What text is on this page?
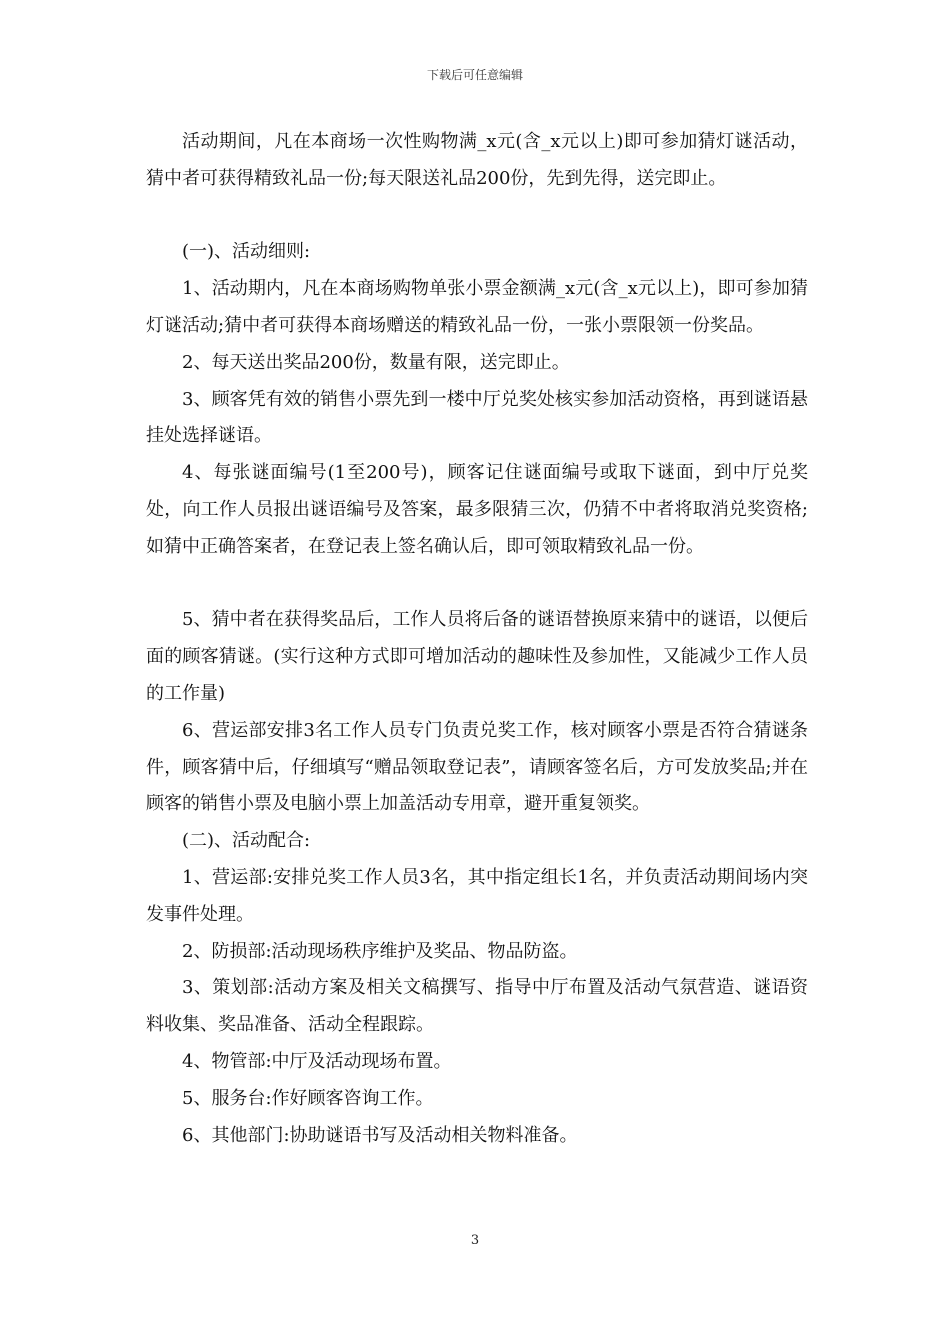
下载后可任意编辑

活动期间，凡在本商场一次性购物满_x元(含_x元以上)即可参加猜灯谜活动，猜中者可获得精致礼品一份;每天限送礼品200份，先到先得，送完即止。

(一)、活动细则:

1、活动期内，凡在本商场购物单张小票金额满_x元(含_x元以上)，即可参加猜灯谜活动;猜中者可获得本商场赠送的精致礼品一份，一张小票限领一份奖品。

2、每天送出奖品200份，数量有限，送完即止。

3、顾客凭有效的销售小票先到一楼中厅兑奖处核实参加活动资格，再到谜语悬挂处选择谜语。

4、每张谜面编号(1至200号)，顾客记住谜面编号或取下谜面，到中厅兑奖处，向工作人员报出谜语编号及答案，最多限猜三次，仍猜不中者将取消兑奖资格;如猜中正确答案者，在登记表上签名确认后，即可领取精致礼品一份。

5、猜中者在获得奖品后，工作人员将后备的谜语替换原来猜中的谜语，以便后面的顾客猜谜。(实行这种方式即可增加活动的趣味性及参加性，又能减少工作人员的工作量)

6、营运部安排3名工作人员专门负责兑奖工作，核对顾客小票是否符合猜谜条件，顾客猜中后，仔细填写“赠品领取登记表”，请顾客签名后，方可发放奖品;并在顾客的销售小票及电脑小票上加盖活动专用章，避开重复领奖。

(二)、活动配合:

1、营运部:安排兑奖工作人员3名，其中指定组长1名，并负责活动期间场内突发事件处理。

2、防损部:活动现场秩序维护及奖品、物品防盗。

3、策划部:活动方案及相关文稿撰写、指导中厅布置及活动气氛营造、谜语资料收集、奖品准备、活动全程跟踪。

4、物管部:中厅及活动现场布置。

5、服务台:作好顾客咨询工作。

6、其他部门:协助谜语书写及活动相关物料准备。

3
